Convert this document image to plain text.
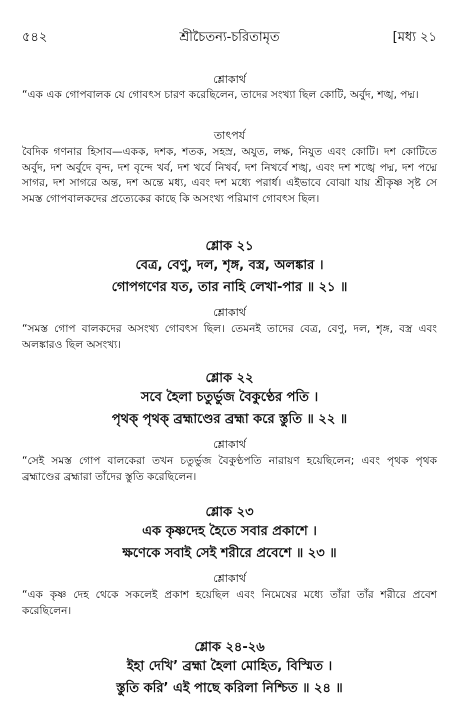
৫৪২	শ্রীচৈতন্য-চরিতামৃত	[মধ্য ২১
শ্লোকার্থ

“এক এক গোপবালক যে গোবৎস চারণ করেছিলেন, তাদের সংখ্যা ছিল কোটি, অর্বুদ, শঙ্খ, পদ্ম।

তাৎপর্য

বৈদিক গণনার হিসাব—একক, দশক, শতক, সহস্র, অযুত, লক্ষ, নিযুত এবং কোটি। দশ কোটিতে অর্বুদ, দশ অর্বুদে বৃন্দ, দশ বৃন্দে খর্ব, দশ খর্বে নিখর্ব, দশ নিখর্বে শঙ্খ, এবং দশ শঙ্খে পদ্ম, দশ পদ্মে সাগর, দশ সাগরে অন্ত, দশ অন্তে মধ্য, এবং দশ মধ্যে পরার্ধ। এইভাবে বোঝা যায় শ্রীকৃষ্ণ সৃষ্ট সে সমস্ত গোপবালকদের প্রত্যেকের কাছে কি অসংখ্য পরিমাণ গোবৎস ছিল।

শ্লোক ২১
বেত্র, বেণু, দল, শৃঙ্গ, বস্ত্র, অলঙ্কার ।
গোপগণের যত, তার নাহি লেখা-পার ॥ ২১ ॥
শ্লোকার্থ

“সমস্ত গোপ বালকদের অসংখ্য গোবৎস ছিল। তেমনই তাদের বেত্র, বেণু, দল, শৃঙ্গ, বস্ত্র এবং অলঙ্কারও ছিল অসংখ্য।

শ্লোক ২২
সবে হৈলা চতুর্ভুজ বৈকুণ্ঠের পতি ।
পৃথক্ পৃথক্ ব্রহ্মাণ্ডের ব্রহ্মা করে স্তুতি ॥ ২২ ॥
শ্লোকার্থ

“সেই সমস্ত গোপ বালকেরা তখন চতুর্ভুজ বৈকুণ্ঠপতি নারায়ণ হয়েছিলেন; এবং পৃথক পৃথক ব্রহ্মাণ্ডের ব্রহ্মারা তাঁদের স্তুতি করেছিলেন।

শ্লোক ২৩
এক কৃষ্ণদেহ হৈতে সবার প্রকাশে ।
ক্ষণেকে সবাই সেই শরীরে প্রবেশে ॥ ২৩ ॥
শ্লোকার্থ

“এক কৃষ্ণ দেহ থেকে সকলেই প্রকাশ হয়েছিল এবং নিমেষের মধ্যে তাঁরা তাঁর শরীরে প্রবেশ করেছিলেন।

শ্লোক ২৪-২৬
ইহা দেখি’ ব্রহ্মা হৈলা মোহিত, বিস্মিত ।
স্তুতি করি’ এই পাছে করিলা নিশ্চিত ॥ ২৪ ॥
